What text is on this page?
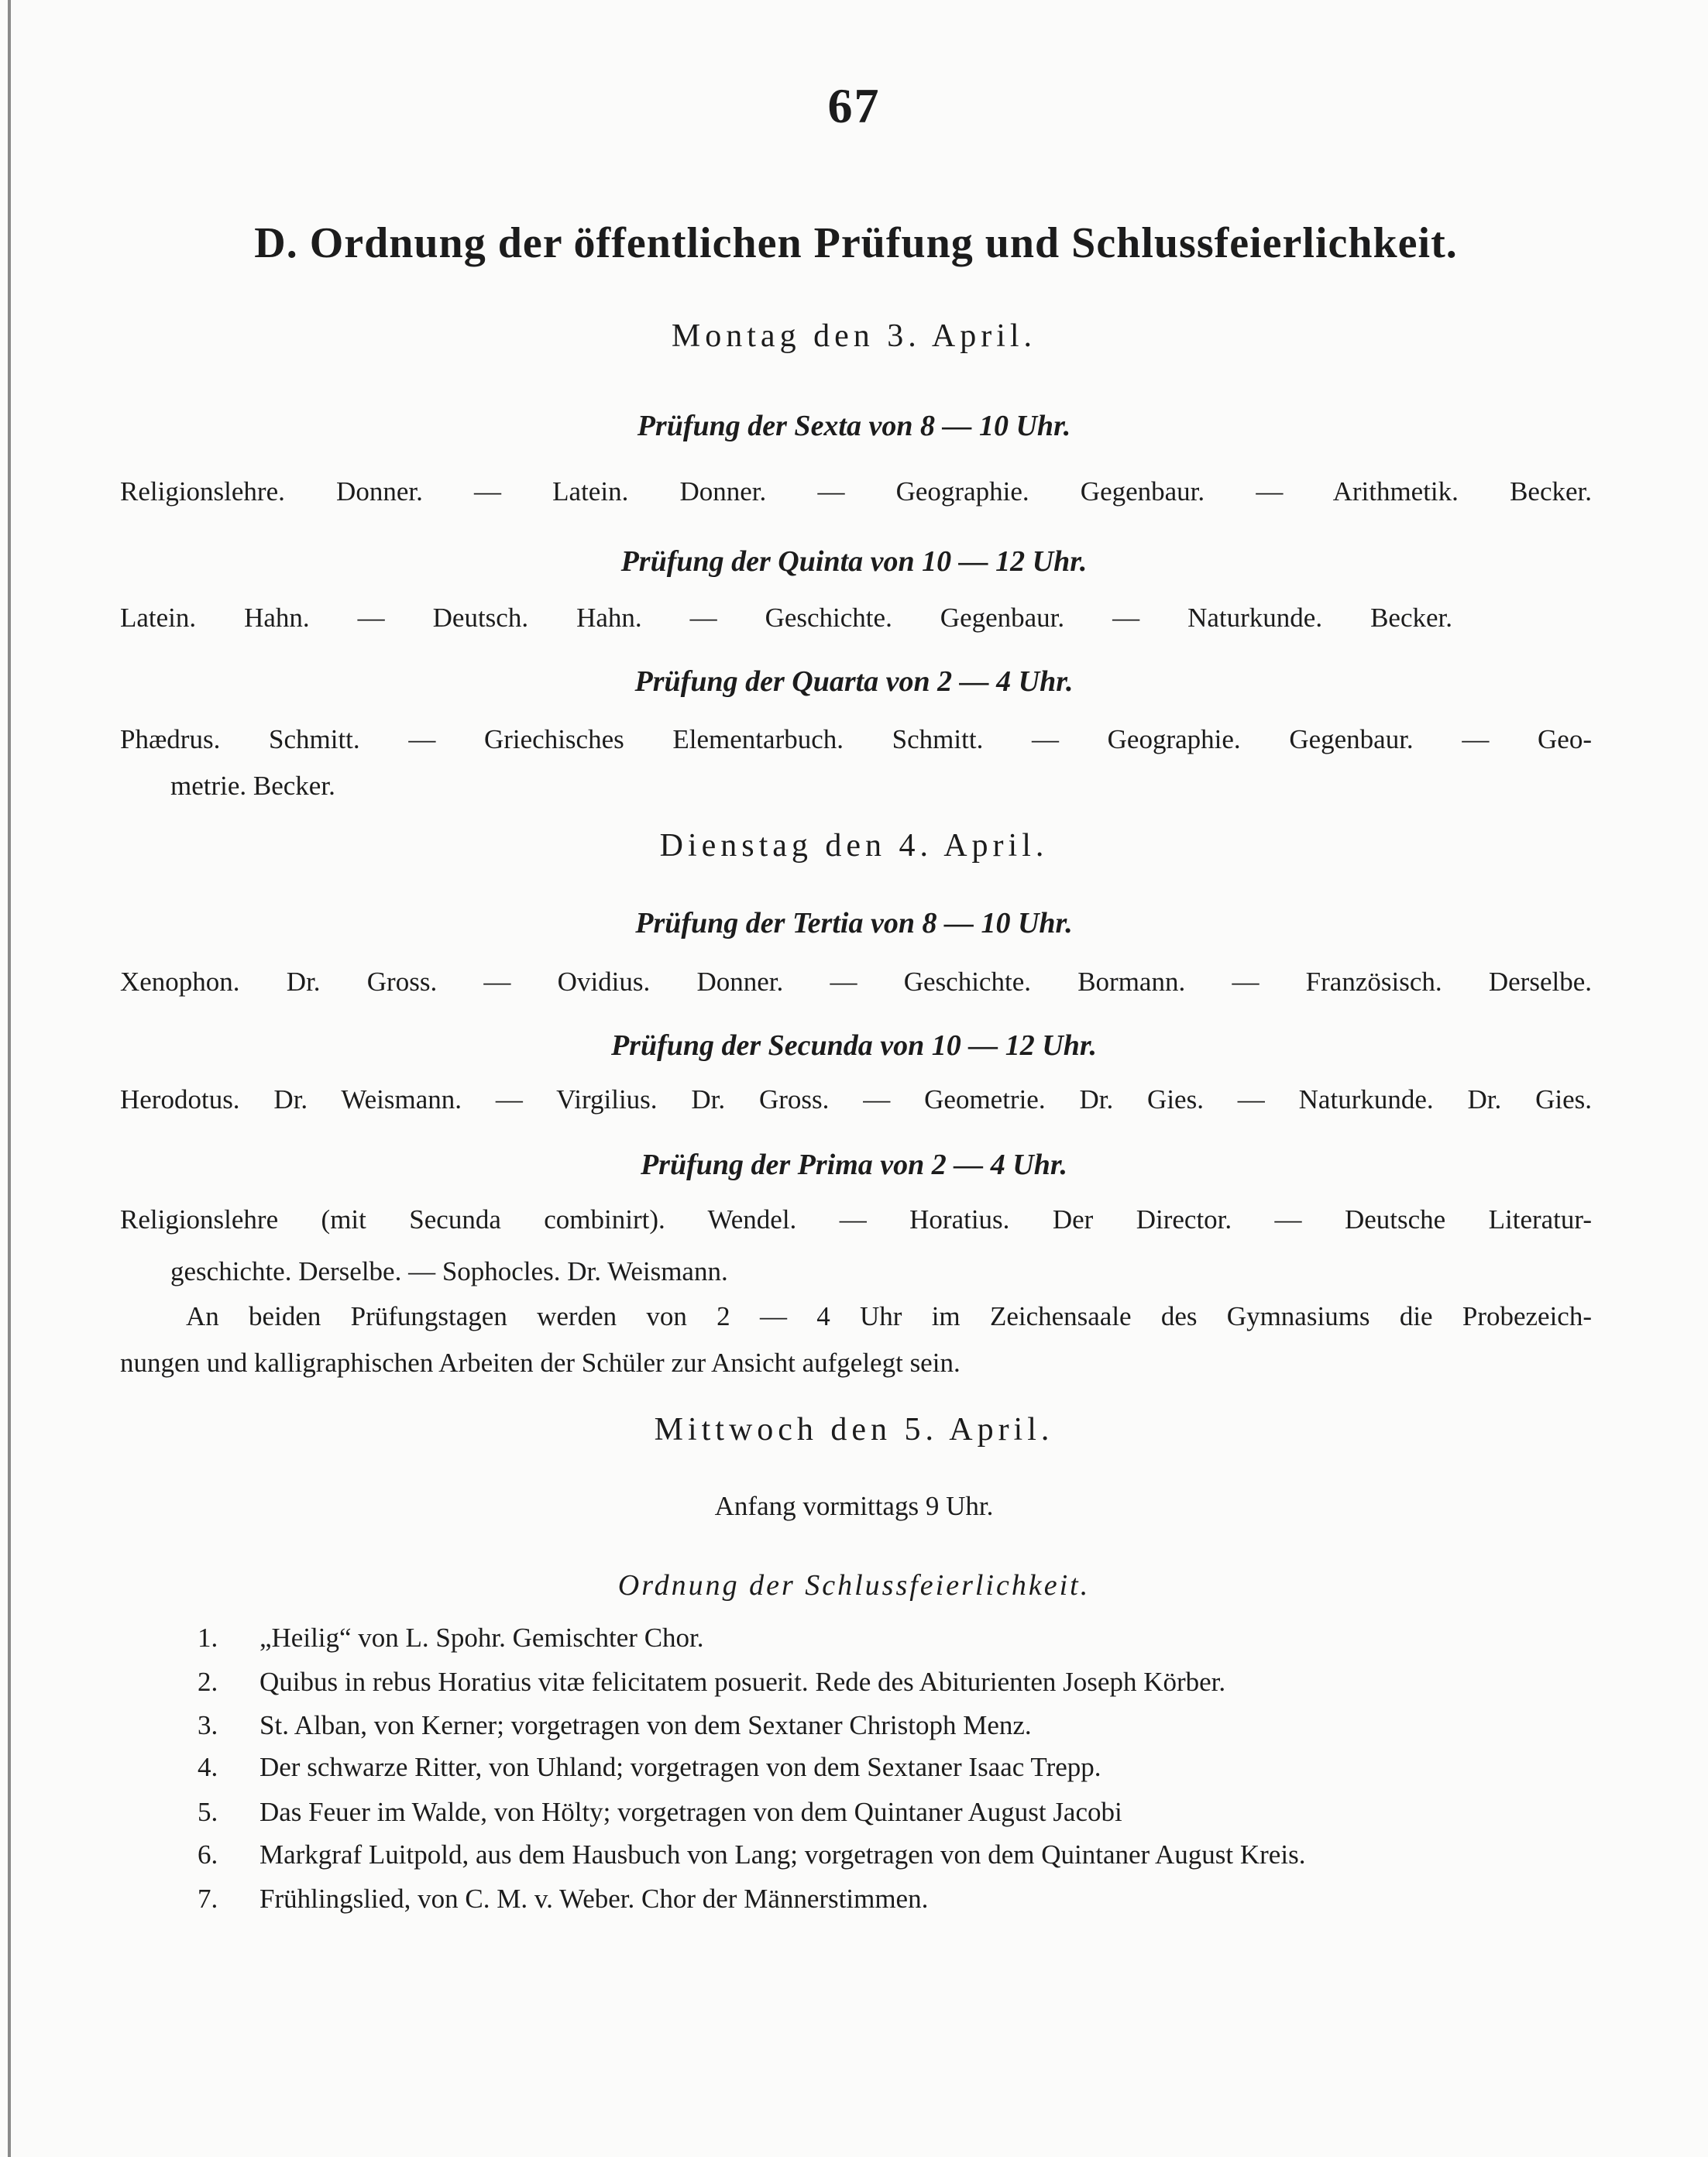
67
D. Ordnung der öffentlichen Prüfung und Schlussfeierlichkeit.
Montag den 3. April.
Prüfung der Sexta von 8 — 10 Uhr.
Religionslehre. Donner. — Latein. Donner. — Geographie. Gegenbaur. — Arithmetik. Becker.
Prüfung der Quinta von 10 — 12 Uhr.
Latein. Hahn. — Deutsch. Hahn. — Geschichte. Gegenbaur. — Naturkunde. Becker.
Prüfung der Quarta von 2 — 4 Uhr.
Phædrus. Schmitt. — Griechisches Elementarbuch. Schmitt. — Geographie. Gegenbaur. — Geo-
metrie. Becker.
Dienstag den 4. April.
Prüfung der Tertia von 8 — 10 Uhr.
Xenophon. Dr. Gross. — Ovidius. Donner. — Geschichte. Bormann. — Französisch. Derselbe.
Prüfung der Secunda von 10 — 12 Uhr.
Herodotus. Dr. Weismann. — Virgilius. Dr. Gross. — Geometrie. Dr. Gies. — Naturkunde. Dr. Gies.
Prüfung der Prima von 2 — 4 Uhr.
Religionslehre (mit Secunda combinirt). Wendel. — Horatius. Der Director. — Deutsche Literatur-
geschichte. Derselbe. — Sophocles. Dr. Weismann.
An beiden Prüfungstagen werden von 2 — 4 Uhr im Zeichensaale des Gymnasiums die Probezeich-
nungen und kalligraphischen Arbeiten der Schüler zur Ansicht aufgelegt sein.
Mittwoch den 5. April.
Anfang vormittags 9 Uhr.
Ordnung der Schlussfeierlichkeit.
1. „Heilig“ von L. Spohr. Gemischter Chor.
2. Quibus in rebus Horatius vitæ felicitatem posuerit. Rede des Abiturienten Joseph Körber.
3. St. Alban, von Kerner; vorgetragen von dem Sextaner Christoph Menz.
4. Der schwarze Ritter, von Uhland; vorgetragen von dem Sextaner Isaac Trepp.
5. Das Feuer im Walde, von Hölty; vorgetragen von dem Quintaner August Jacobi
6. Markgraf Luitpold, aus dem Hausbuch von Lang; vorgetragen von dem Quintaner August Kreis.
7. Frühlingslied, von C. M. v. Weber. Chor der Männerstimmen.
